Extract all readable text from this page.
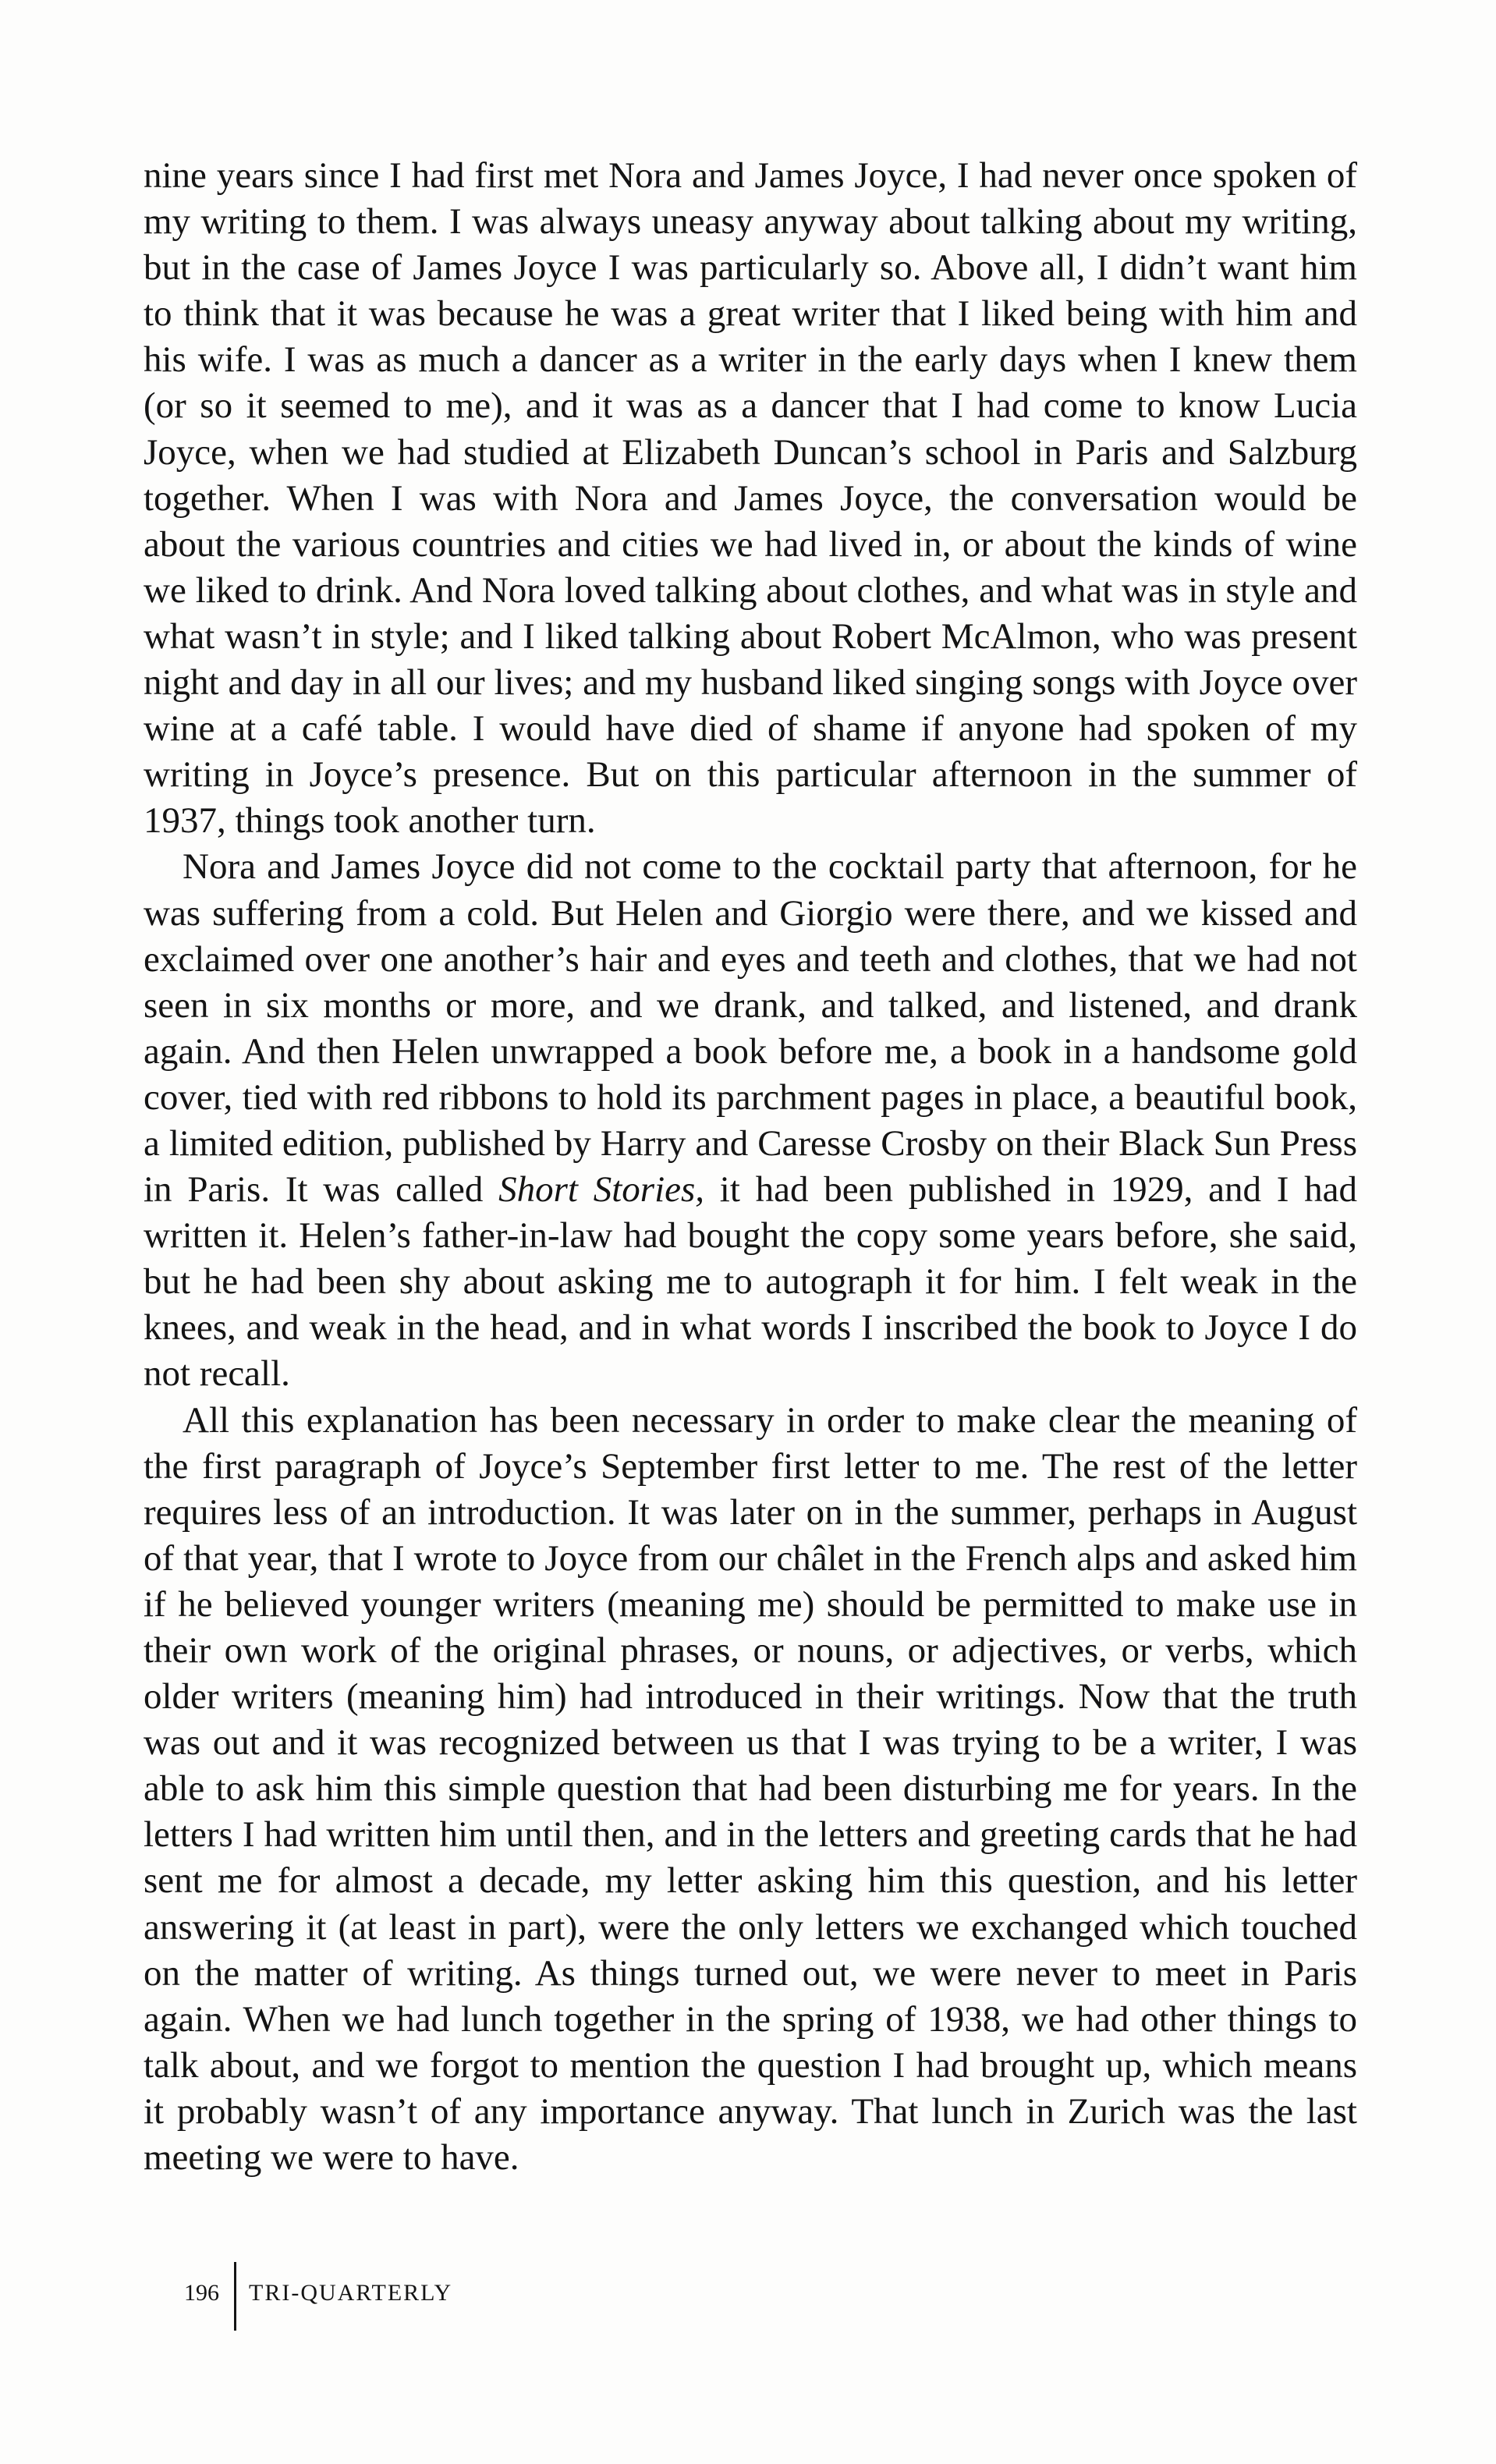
nine years since I had first met Nora and James Joyce, I had never once spoken of my writing to them. I was always uneasy anyway about talking about my writing, but in the case of James Joyce I was particularly so. Above all, I didn’t want him to think that it was because he was a great writer that I liked being with him and his wife. I was as much a dancer as a writer in the early days when I knew them (or so it seemed to me), and it was as a dancer that I had come to know Lucia Joyce, when we had studied at Elizabeth Duncan’s school in Paris and Salzburg together. When I was with Nora and James Joyce, the conversation would be about the various countries and cities we had lived in, or about the kinds of wine we liked to drink. And Nora loved talking about clothes, and what was in style and what wasn’t in style; and I liked talking about Robert McAlmon, who was present night and day in all our lives; and my husband liked singing songs with Joyce over wine at a café table. I would have died of shame if anyone had spoken of my writing in Joyce’s presence. But on this particular afternoon in the summer of 1937, things took another turn.

Nora and James Joyce did not come to the cocktail party that afternoon, for he was suffering from a cold. But Helen and Giorgio were there, and we kissed and exclaimed over one another’s hair and eyes and teeth and clothes, that we had not seen in six months or more, and we drank, and talked, and listened, and drank again. And then Helen unwrapped a book before me, a book in a handsome gold cover, tied with red ribbons to hold its parchment pages in place, a beautiful book, a limited edition, published by Harry and Caresse Crosby on their Black Sun Press in Paris. It was called Short Stories, it had been published in 1929, and I had written it. Helen’s father-in-law had bought the copy some years before, she said, but he had been shy about asking me to autograph it for him. I felt weak in the knees, and weak in the head, and in what words I inscribed the book to Joyce I do not recall.

All this explanation has been necessary in order to make clear the meaning of the first paragraph of Joyce’s September first letter to me. The rest of the letter requires less of an introduction. It was later on in the summer, perhaps in August of that year, that I wrote to Joyce from our châlet in the French alps and asked him if he believed younger writers (meaning me) should be permitted to make use in their own work of the original phrases, or nouns, or adjectives, or verbs, which older writers (meaning him) had introduced in their writings. Now that the truth was out and it was recognized between us that I was trying to be a writer, I was able to ask him this simple question that had been disturbing me for years. In the letters I had written him until then, and in the letters and greeting cards that he had sent me for almost a decade, my letter asking him this question, and his letter answering it (at least in part), were the only letters we exchanged which touched on the matter of writing. As things turned out, we were never to meet in Paris again. When we had lunch together in the spring of 1938, we had other things to talk about, and we forgot to mention the question I had brought up, which means it probably wasn’t of any importance anyway. That lunch in Zurich was the last meeting we were to have.

196 TRI-QUARTERLY
